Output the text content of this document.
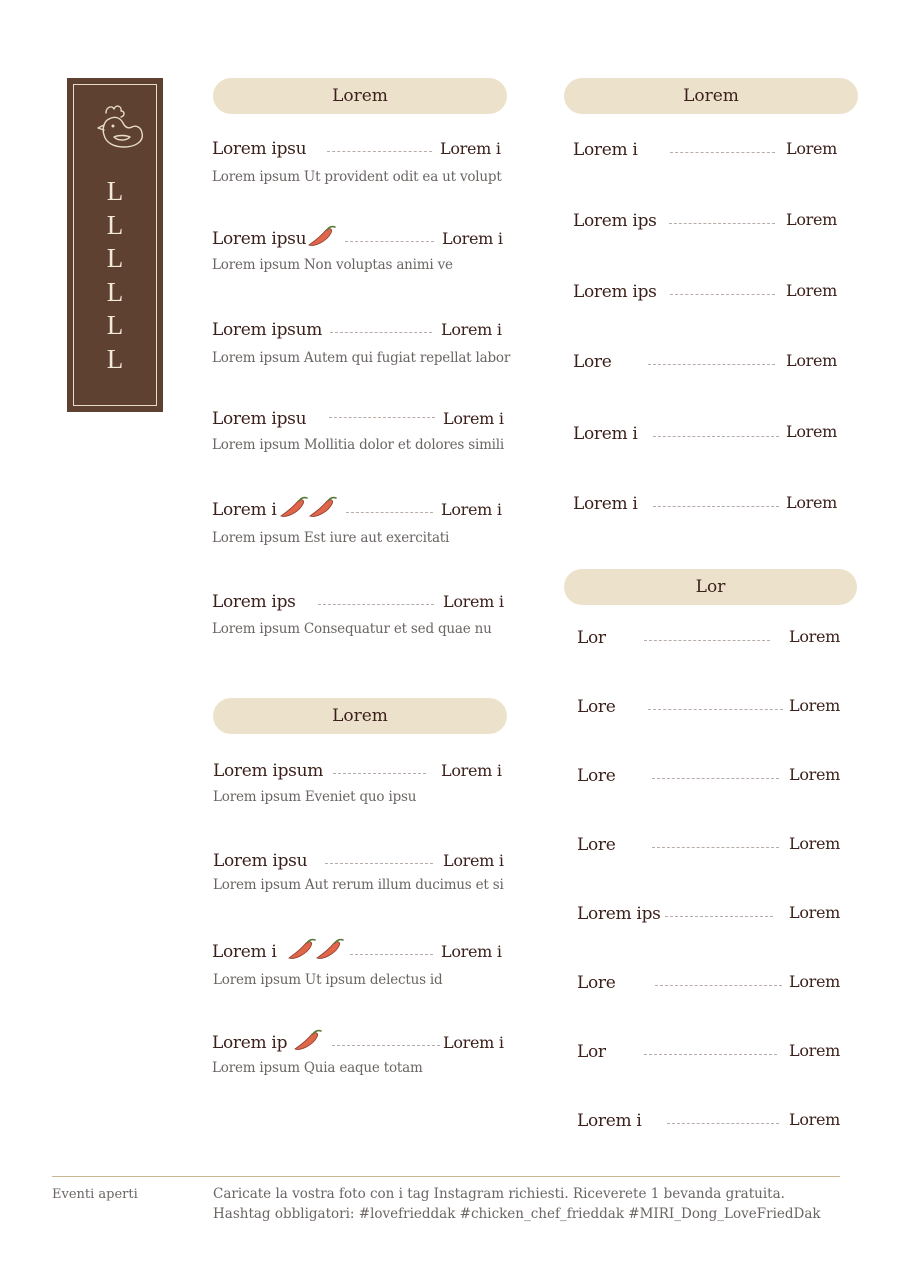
L
L
L
L
L
L
Lorem
Lorem
Lorem
Lor
Lorem ipsu	Lorem i
Lorem ipsum Ut provident odit ea ut volupt
Lorem ipsu	Lorem i
Lorem ipsum Non voluptas animi ve
Lorem ipsum	Lorem i
Lorem ipsum Autem qui fugiat repellat labor
Lorem ipsu	Lorem i
Lorem ipsum Mollitia dolor et dolores simili
Lorem i	Lorem i
Lorem ipsum Est iure aut exercitati
Lorem ips	Lorem i
Lorem ipsum Consequatur et sed quae nu
Lorem ipsum	Lorem i
Lorem ipsum Eveniet quo ipsu
Lorem ipsu	Lorem i
Lorem ipsum Aut rerum illum ducimus et si
Lorem i	Lorem i
Lorem ipsum Ut ipsum delectus id
Lorem ip	Lorem i
Lorem ipsum Quia eaque totam
Lorem i	Lorem
Lorem ips	Lorem
Lorem ips	Lorem
Lore	Lorem
Lorem i	Lorem
Lorem i	Lorem
Lor	Lorem
Lore	Lorem
Lore	Lorem
Lore	Lorem
Lorem ips	Lorem
Lore	Lorem
Lor	Lorem
Lorem i	Lorem
Eventi aperti	Caricate la vostra foto con i tag Instagram richiesti. Riceverete 1 bevanda gratuita.
Hashtag obbligatori: #lovefrieddak #chicken_chef_frieddak #MIRI_Dong_LoveFriedDak
